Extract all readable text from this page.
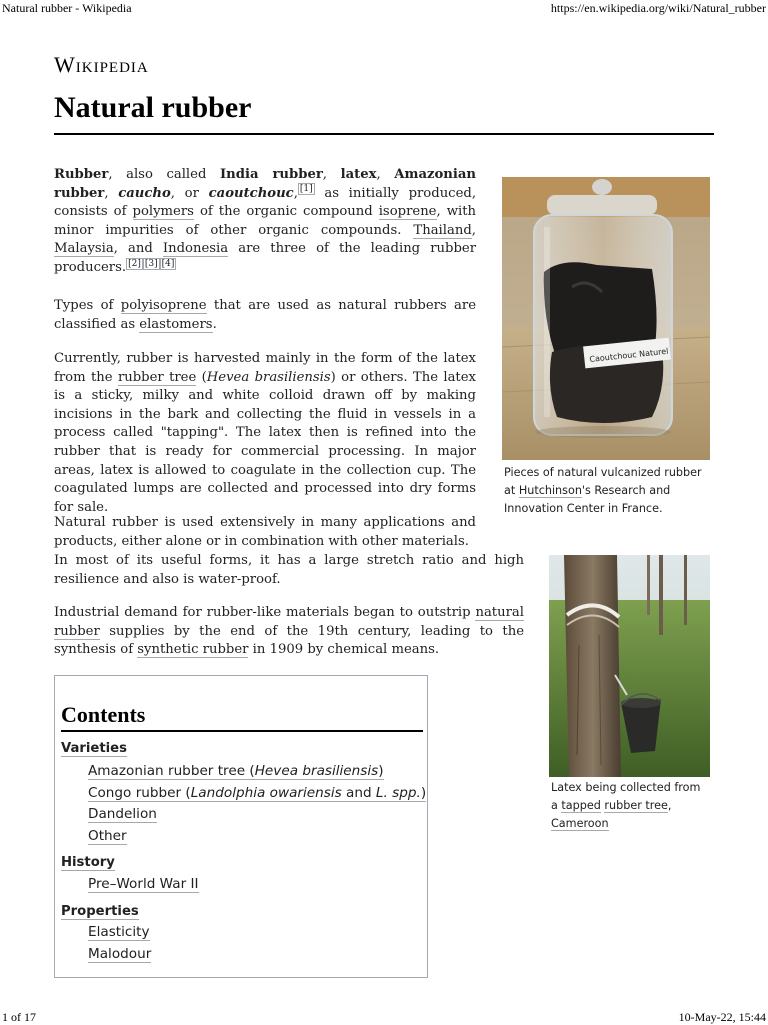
Natural rubber - Wikipedia	https://en.wikipedia.org/wiki/Natural_rubber
Wikipedia
Natural rubber

Rubber, also called India rubber, latex, Amazonian rubber, caucho, or caoutchouc, [1] as initially produced, consists of polymers of the organic compound isoprene, with minor impurities of other organic compounds. Thailand, Malaysia, and Indonesia are three of the leading rubber producers. [2] [3] [4]

Types of polyisoprene that are used as natural rubbers are classified as elastomers.

Currently, rubber is harvested mainly in the form of the latex from the rubber tree (Hevea brasiliensis) or others. The latex is a sticky, milky and white colloid drawn off by making incisions in the bark and collecting the fluid in vessels in a process called "tapping". The latex then is refined into the rubber that is ready for commercial processing. In major areas, latex is allowed to coagulate in the collection cup. The coagulated lumps are collected and processed into dry forms for sale.

Natural rubber is used extensively in many applications and products, either alone or in combination with other materials.

In most of its useful forms, it has a large stretch ratio and high resilience and also is water-proof.

Industrial demand for rubber-like materials began to outstrip natural rubber supplies by the end of the 19th century, leading to the synthesis of synthetic rubber in 1909 by chemical means.

Caoutchouc Naturel
Pieces of natural vulcanized rubber
at Hutchinson's Research and
Innovation Center in France.
Latex being collected from
a tapped rubber tree,
Cameroon
Contents
Varieties
Amazonian rubber tree (Hevea brasiliensis)
Congo rubber (Landolphia owariensis and L. spp.)
Dandelion
Other
History
Pre–World War II
Properties
Elasticity
Malodour
1 of 17	10-May-22, 15:44
